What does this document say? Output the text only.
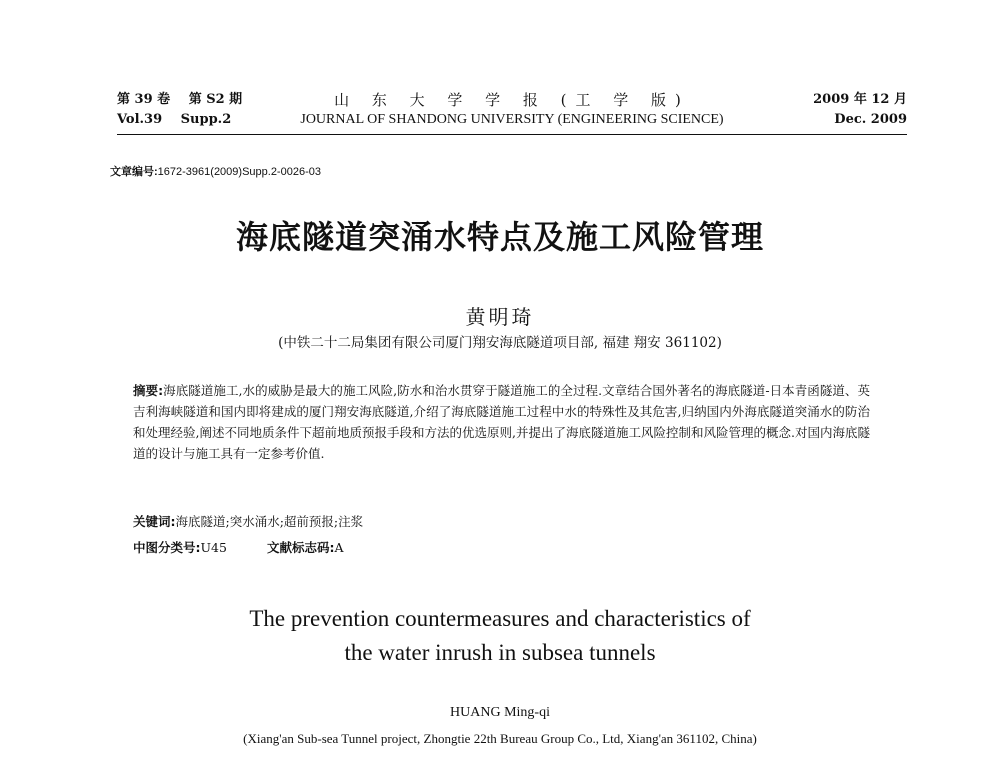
第 39 卷 第 S2 期
Vol.39 Supp.2
山 东 大 学 学 报 (工 学 版)
JOURNAL OF SHANDONG UNIVERSITY (ENGINEERING SCIENCE)
2009 年 12 月
Dec. 2009
文章编号:1672-3961(2009)Supp.2-0026-03
海底隧道突涌水特点及施工风险管理
黄明琦
(中铁二十二局集团有限公司厦门翔安海底隧道项目部, 福建 翔安 361102)
摘要:海底隧道施工,水的威胁是最大的施工风险,防水和治水贯穿于隧道施工的全过程.文章结合国外著名的海底隧道-日本青函隧道、英吉利海峡隧道和国内即将建成的厦门翔安海底隧道,介绍了海底隧道施工过程中水的特殊性及其危害,归纳国内外海底隧道突涌水的防治和处理经验,阐述不同地质条件下超前地质预报手段和方法的优选原则,并提出了海底隧道施工风险控制和风险管理的概念.对国内海底隧道的设计与施工具有一定参考价值.
关键词:海底隧道;突水涌水;超前预报;注浆
中图分类号:U45	文献标志码:A
The prevention countermeasures and characteristics of
the water inrush in subsea tunnels
HUANG Ming-qi
(Xiang'an Sub-sea Tunnel project, Zhongtie 22th Bureau Group Co., Ltd, Xiang'an 361102, China)
